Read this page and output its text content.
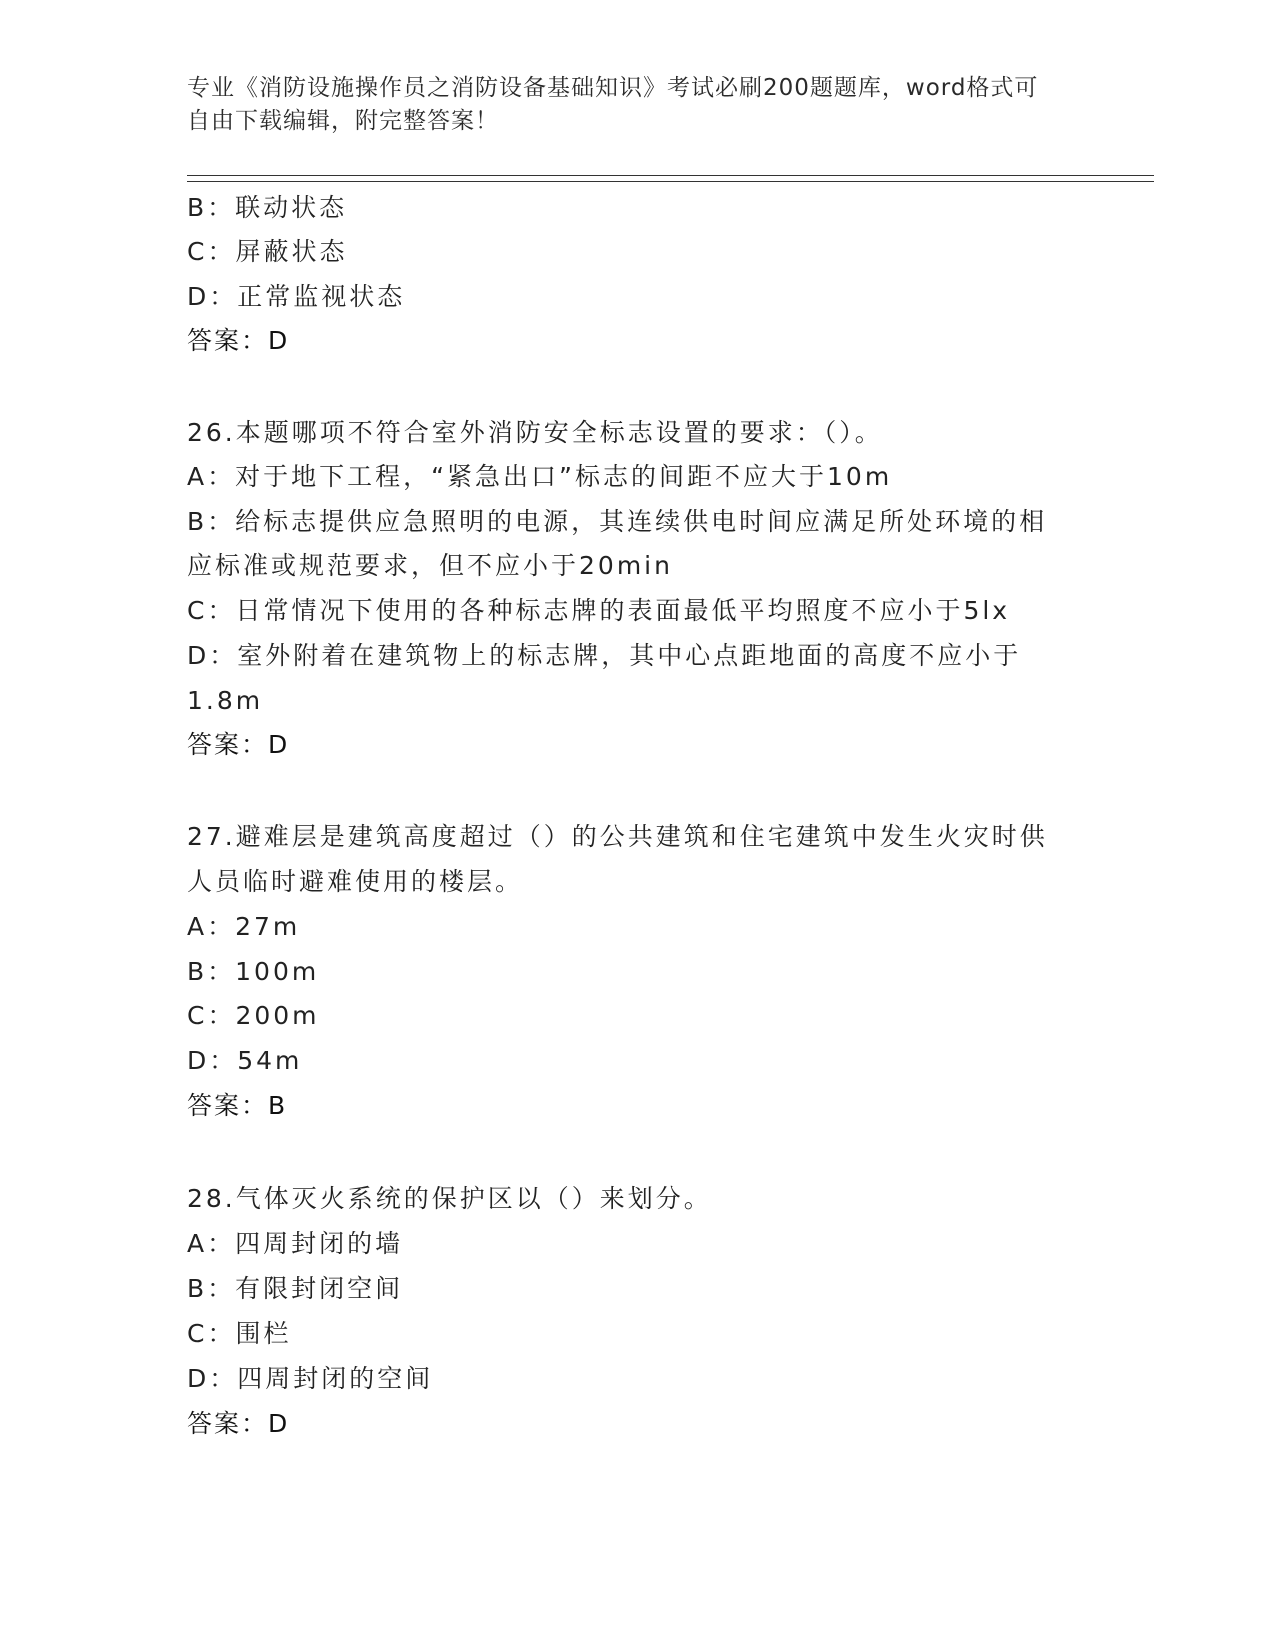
专业《消防设施操作员之消防设备基础知识》考试必刷200题题库，word格式可
自由下载编辑，附完整答案！
B：联动状态
C：屏蔽状态
D：正常监视状态
答案：D
26.本题哪项不符合室外消防安全标志设置的要求：（）。
A：对于地下工程，“紧急出口”标志的间距不应大于10m
B：给标志提供应急照明的电源，其连续供电时间应满足所处环境的相
应标准或规范要求，但不应小于20min
C：日常情况下使用的各种标志牌的表面最低平均照度不应小于5lx
D：室外附着在建筑物上的标志牌，其中心点距地面的高度不应小于
1.8m
答案：D
27.避难层是建筑高度超过（）的公共建筑和住宅建筑中发生火灾时供
人员临时避难使用的楼层。
A：27m
B：100m
C：200m
D：54m
答案：B
28.气体灭火系统的保护区以（）来划分。
A：四周封闭的墙
B：有限封闭空间
C：围栏
D：四周封闭的空间
答案：D
